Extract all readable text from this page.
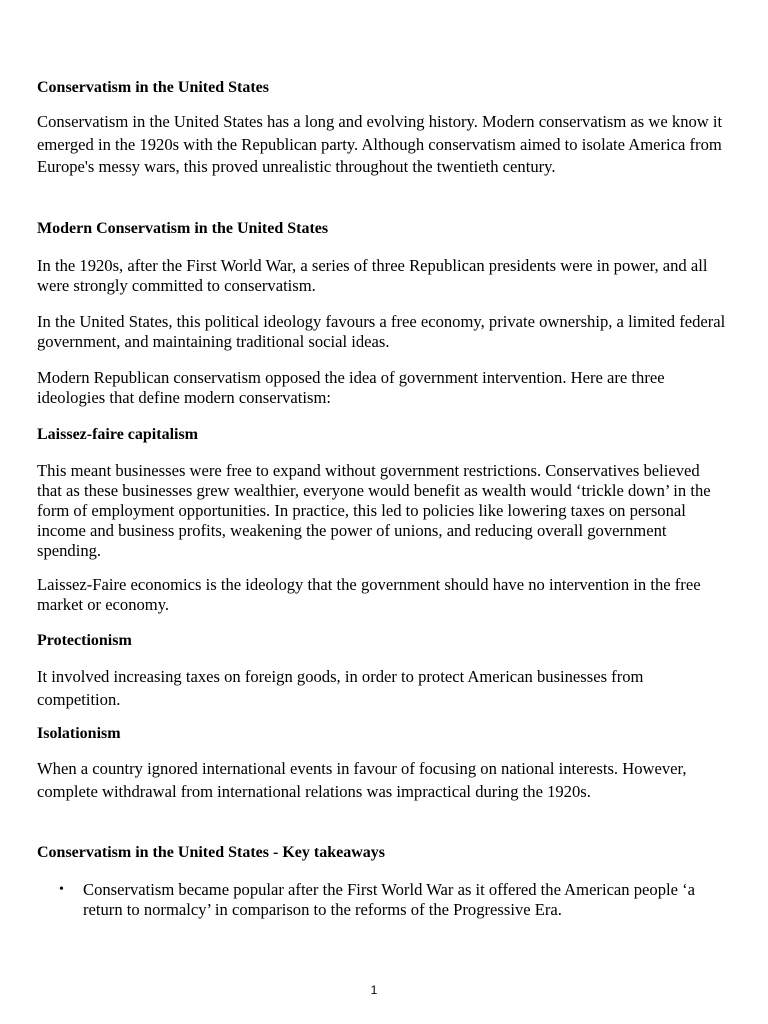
Conservatism in the United States

Conservatism in the United States has a long and evolving history. Modern conservatism as we know it emerged in the 1920s with the Republican party. Although conservatism aimed to isolate America from Europe's messy wars, this proved unrealistic throughout the twentieth century.

Modern Conservatism in the United States

In the 1920s, after the First World War, a series of three Republican presidents were in power, and all were strongly committed to conservatism.

In the United States, this political ideology favours a free economy, private ownership, a limited federal government, and maintaining traditional social ideas.

Modern Republican conservatism opposed the idea of government intervention. Here are three ideologies that define modern conservatism:

Laissez-faire capitalism

This meant businesses were free to expand without government restrictions. Conservatives believed that as these businesses grew wealthier, everyone would benefit as wealth would ‘trickle down’ in the form of employment opportunities. In practice, this led to policies like lowering taxes on personal income and business profits, weakening the power of unions, and reducing overall government spending.

Laissez-Faire economics is the ideology that the government should have no intervention in the free market or economy.

Protectionism

It involved increasing taxes on foreign goods, in order to protect American businesses from competition.

Isolationism

When a country ignored international events in favour of focusing on national interests. However, complete withdrawal from international relations was impractical during the 1920s.

Conservatism in the United States - Key takeaways
• Conservatism became popular after the First World War as it offered the American people ‘a return to normalcy’ in comparison to the reforms of the Progressive Era.
1
